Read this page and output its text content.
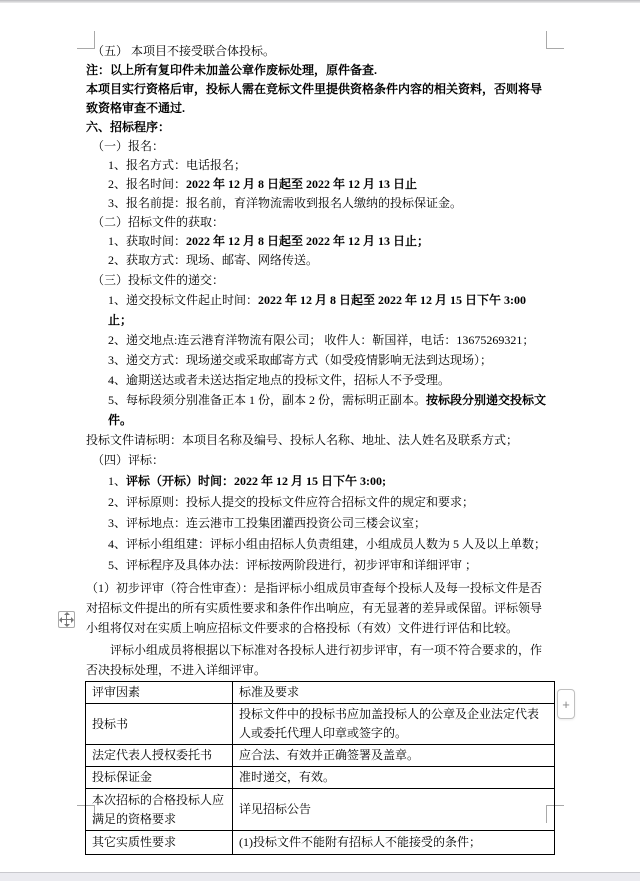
（五） 本项目不接受联合体投标。

注：以上所有复印件未加盖公章作废标处理，原件备查.

本项目实行资格后审，投标人需在竞标文件里提供资格条件内容的相关资料，否则将导致资格审查不通过.

六、招标程序：

（一）报名：

1、报名方式：电话报名；

2、报名时间：2022 年 12 月 8 日起至 2022 年 12 月 13 日止

3、报名前提：报名前，育洋物流需收到报名人缴纳的投标保证金。

（二）招标文件的获取：

1、获取时间：2022 年 12 月 8 日起至 2022 年 12 月 13 日止；

2、获取方式：现场、邮寄、网络传送。

（三）投标文件的递交：

1、递交投标文件起止时间：2022 年 12 月 8 日起至 2022 年 12 月 15 日下午 3:00 止；

2、递交地点:连云港育洋物流有限公司； 收件人：靳国祥，电话：13675269321；

3、递交方式：现场递交或采取邮寄方式（如受疫情影响无法到达现场）；

4、逾期送达或者未送达指定地点的投标文件，招标人不予受理。

5、每标段须分别准备正本 1 份，副本 2 份，需标明正副本。按标段分别递交投标文件。

投标文件请标明：本项目名称及编号、投标人名称、地址、法人姓名及联系方式；

（四）评标：

1、评标（开标）时间：2022 年 12 月 15 日下午 3:00;

2、评标原则：投标人提交的投标文件应符合招标文件的规定和要求；

3、评标地点：连云港市工投集团灌西投资公司三楼会议室；

4、评标小组组建：评标小组由招标人负责组建，小组成员人数为 5 人及以上单数；

5、评标程序及具体办法：评标按两阶段进行，初步评审和详细评审 ；

（1）初步评审（符合性审查）：是指评标小组成员审查每个投标人及每一投标文件是否对招标文件提出的所有实质性要求和条件作出响应，有无显著的差异或保留。评标领导小组将仅对在实质上响应招标文件要求的合格投标（有效）文件进行评估和比较。

评标小组成员将根据以下标准对各投标人进行初步评审，有一项不符合要求的，作否决投标处理，不进入详细评审。

评审因素	标准及要求
投标书	投标文件中的投标书应加盖投标人的公章及企业法定代表人或委托代理人印章或签字的。
法定代表人授权委托书	应合法、有效并正确签署及盖章。
投标保证金	准时递交，有效。
本次招标的合格投标人应满足的资格要求	详见招标公告
其它实质性要求	(1)投标文件不能附有招标人不能接受的条件；
+
